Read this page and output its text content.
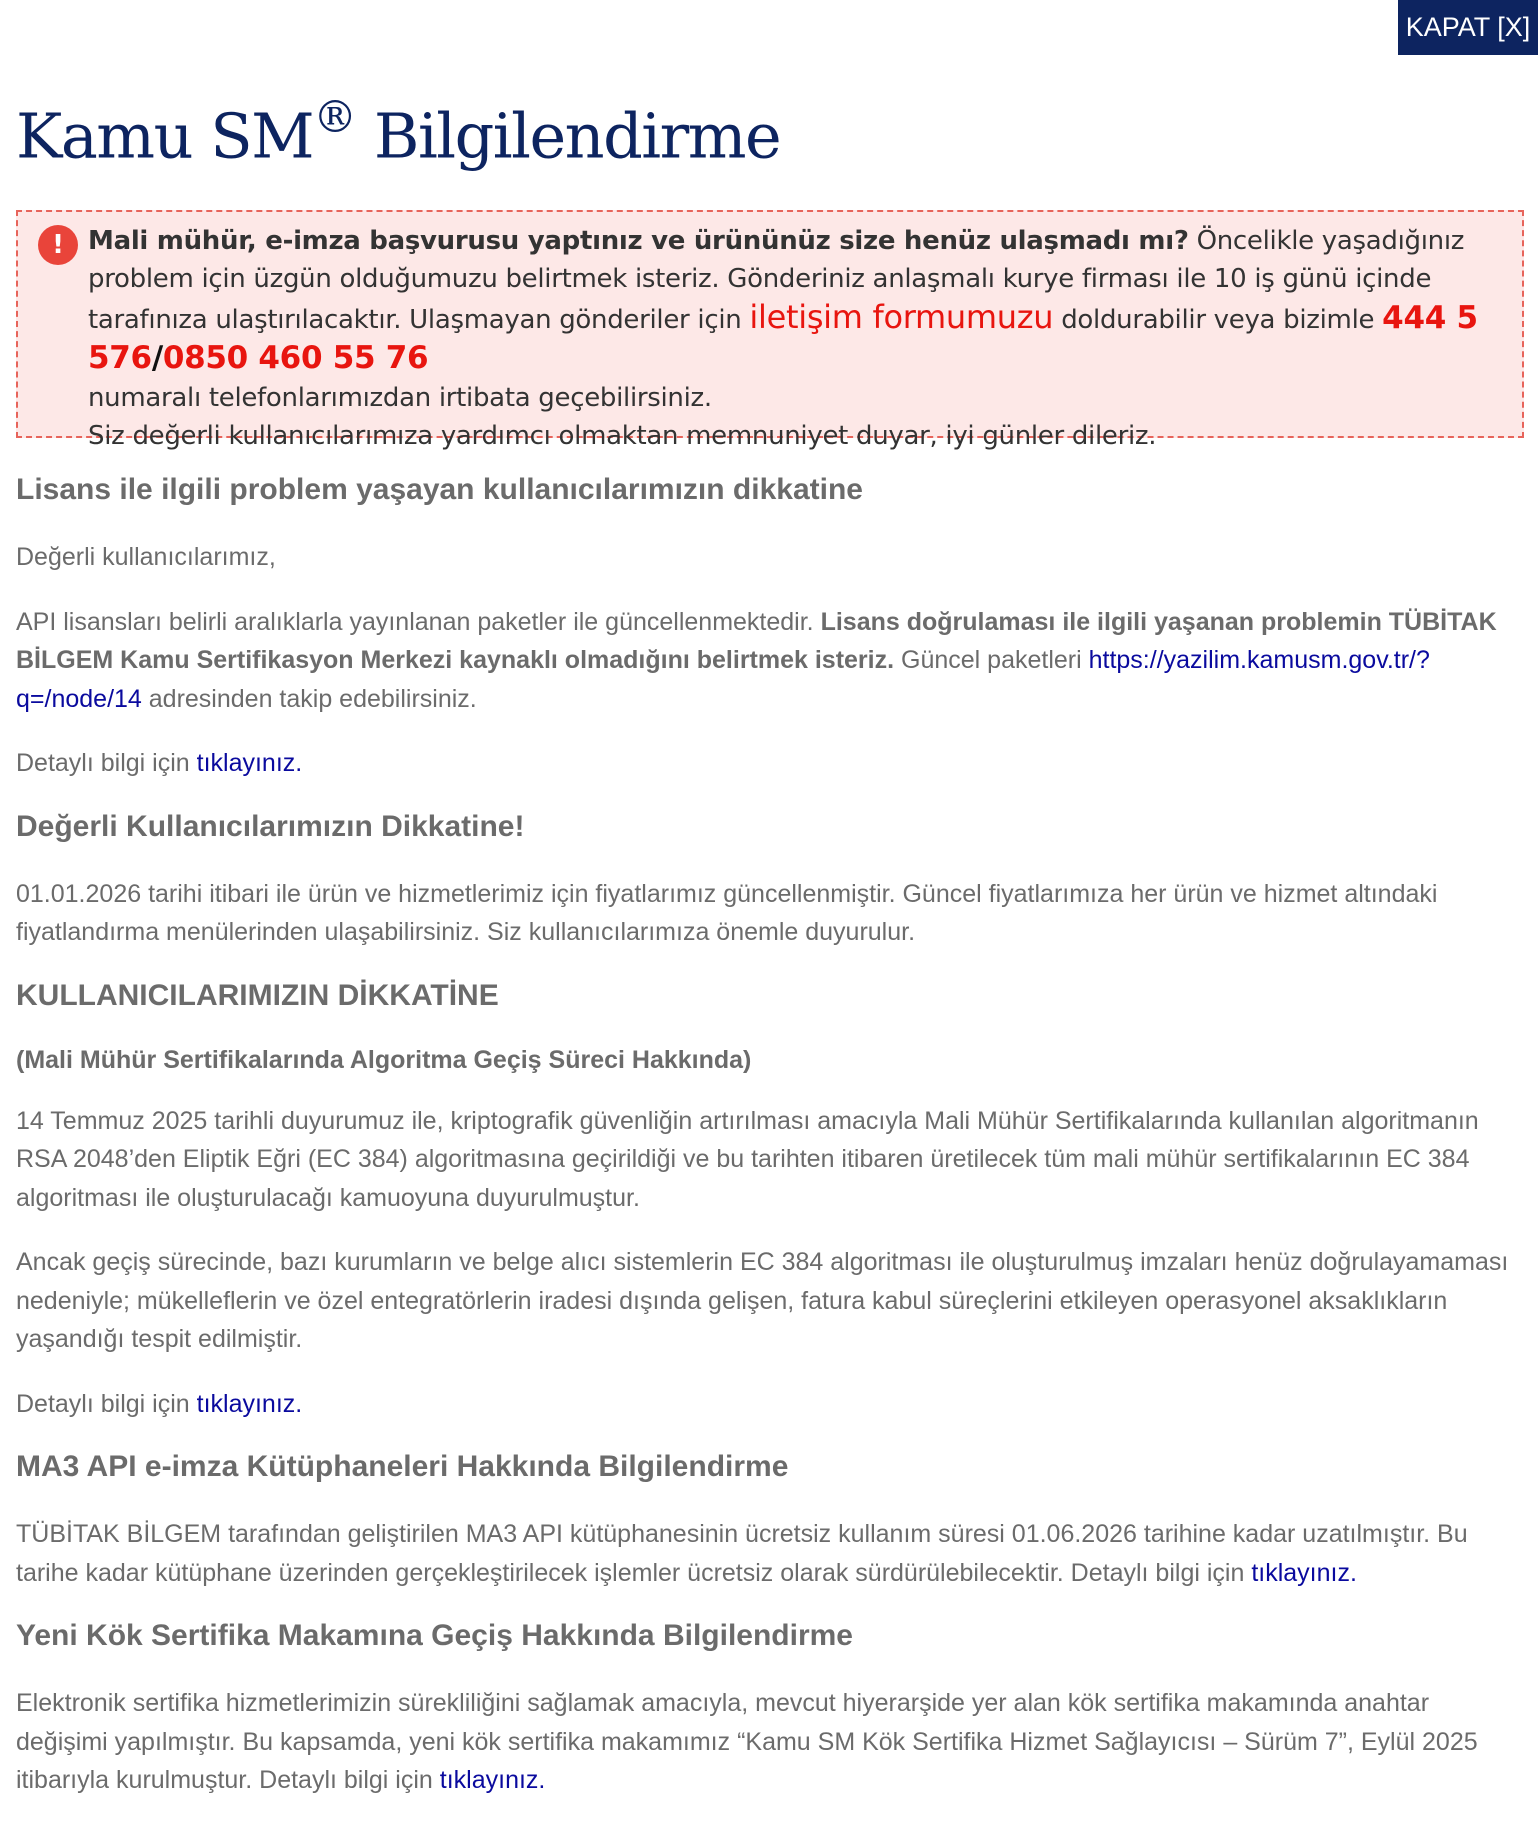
KAPAT [X]
Kamu SM® Bilgilendirme
! Mali mühür, e-imza başvurusu yaptınız ve ürününüz size henüz ulaşmadı mı? Öncelikle yaşadığınız problem için üzgün olduğumuzu belirtmek isteriz. Gönderiniz anlaşmalı kurye firması ile 10 iş günü içinde tarafınıza ulaştırılacaktır. Ulaşmayan gönderiler için iletişim formumuzu doldurabilir veya bizimle 444 5 576/0850 460 55 76
numaralı telefonlarımızdan irtibata geçebilirsiniz.
Siz değerli kullanıcılarımıza yardımcı olmaktan memnuniyet duyar, iyi günler dileriz.
Lisans ile ilgili problem yaşayan kullanıcılarımızın dikkatine

Değerli kullanıcılarımız,

API lisansları belirli aralıklarla yayınlanan paketler ile güncellenmektedir. Lisans doğrulaması ile ilgili yaşanan problemin TÜBİTAK BİLGEM Kamu Sertifikasyon Merkezi kaynaklı olmadığını belirtmek isteriz. Güncel paketleri https://yazilim.kamusm.gov.tr/?q=/node/14 adresinden takip edebilirsiniz.

Detaylı bilgi için tıklayınız.

Değerli Kullanıcılarımızın Dikkatine!

01.01.2026 tarihi itibari ile ürün ve hizmetlerimiz için fiyatlarımız güncellenmiştir. Güncel fiyatlarımıza her ürün ve hizmet altındaki fiyatlandırma menülerinden ulaşabilirsiniz. Siz kullanıcılarımıza önemle duyurulur.

KULLANICILARIMIZIN DİKKATİNE
(Mali Mühür Sertifikalarında Algoritma Geçiş Süreci Hakkında)

14 Temmuz 2025 tarihli duyurumuz ile, kriptografik güvenliğin artırılması amacıyla Mali Mühür Sertifikalarında kullanılan algoritmanın RSA 2048’den Eliptik Eğri (EC 384) algoritmasına geçirildiği ve bu tarihten itibaren üretilecek tüm mali mühür sertifikalarının EC 384 algoritması ile oluşturulacağı kamuoyuna duyurulmuştur.

Ancak geçiş sürecinde, bazı kurumların ve belge alıcı sistemlerin EC 384 algoritması ile oluşturulmuş imzaları henüz doğrulayamaması nedeniyle; mükelleflerin ve özel entegratörlerin iradesi dışında gelişen, fatura kabul süreçlerini etkileyen operasyonel aksaklıkların yaşandığı tespit edilmiştir.

Detaylı bilgi için tıklayınız.

MA3 API e-imza Kütüphaneleri Hakkında Bilgilendirme

TÜBİTAK BİLGEM tarafından geliştirilen MA3 API kütüphanesinin ücretsiz kullanım süresi 01.06.2026 tarihine kadar uzatılmıştır. Bu tarihe kadar kütüphane üzerinden gerçekleştirilecek işlemler ücretsiz olarak sürdürülebilecektir. Detaylı bilgi için tıklayınız.

Yeni Kök Sertifika Makamına Geçiş Hakkında Bilgilendirme

Elektronik sertifika hizmetlerimizin sürekliliğini sağlamak amacıyla, mevcut hiyerarşide yer alan kök sertifika makamında anahtar değişimi yapılmıştır. Bu kapsamda, yeni kök sertifika makamımız “Kamu SM Kök Sertifika Hizmet Sağlayıcısı – Sürüm 7”, Eylül 2025 itibarıyla kurulmuştur. Detaylı bilgi için tıklayınız.
